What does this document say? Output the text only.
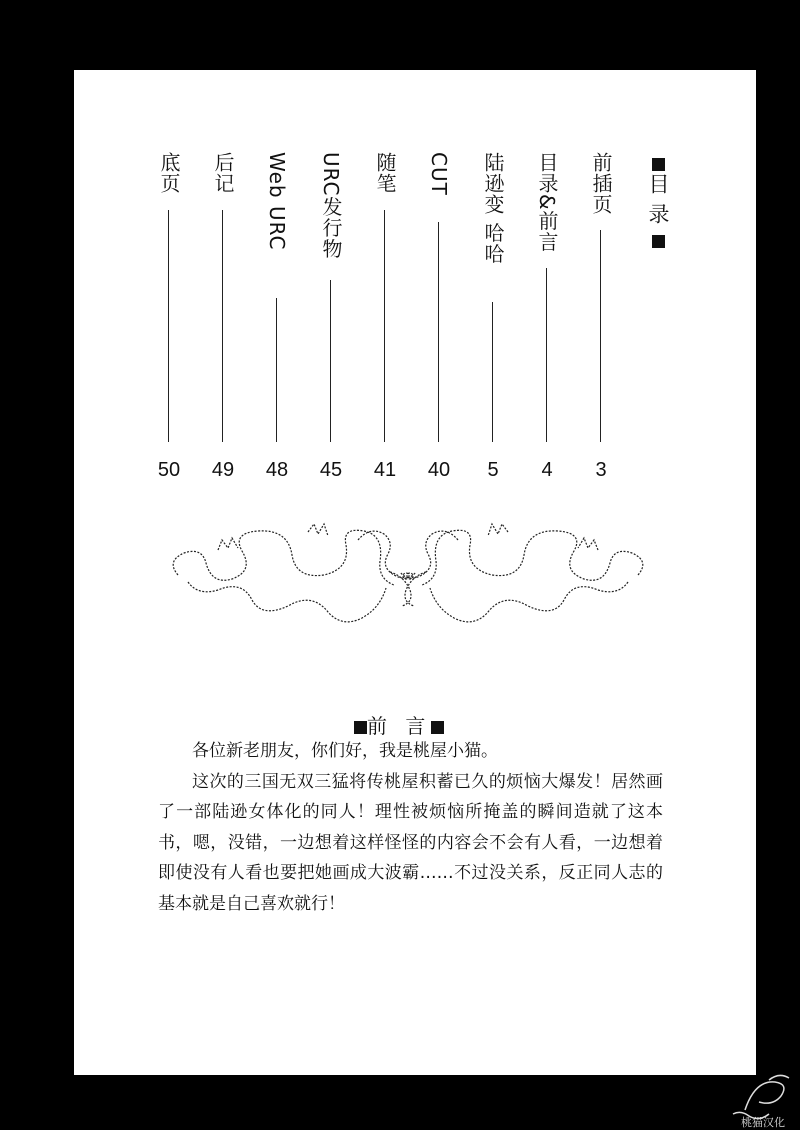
目录
前插页
3
目录&前言
4
陆逊变 哈哈
5
CUT
40
随笔
41
URC发行物
45
Web URC
48
后记
49
底页
50
前 言

各位新老朋友，你们好，我是桃屋小猫。

这次的三国无双三猛将传桃屋积蓄已久的烦恼大爆发！居然画了一部陆逊女体化的同人！理性被烦恼所掩盖的瞬间造就了这本书，嗯，没错，一边想着这样怪怪的内容会不会有人看，一边想着即使没有人看也要把她画成大波霸……不过没关系，反正同人志的基本就是自己喜欢就行！

桃猫汉化
